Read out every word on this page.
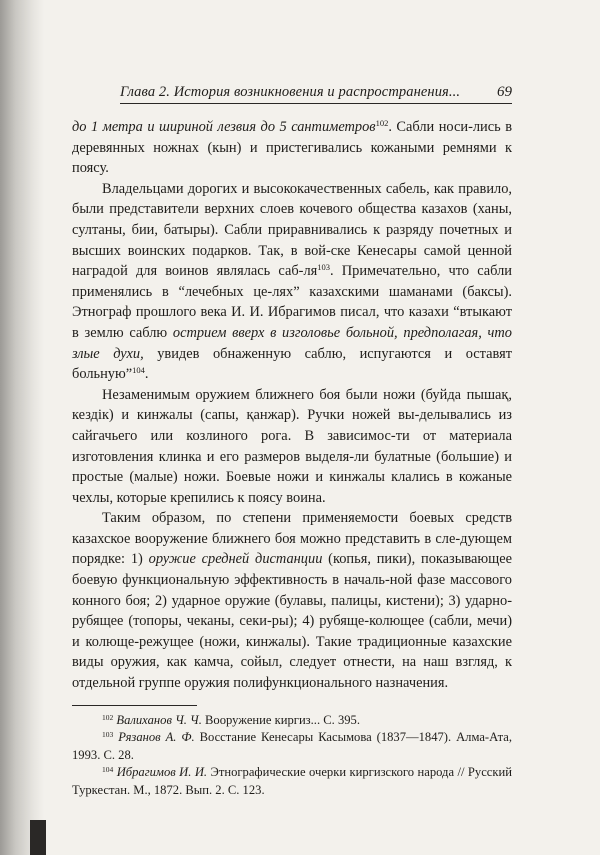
Глава 2. История возникновения и распространения... 69

до 1 метра и шириной лезвия до 5 сантиметров$^{102}$. Сабли носи-лись в деревянных ножнах (кын) и пристегивались кожаными ремнями к поясу.

Владельцами дорогих и высококачественных сабель, как правило, были представители верхних слоев кочевого общества казахов (ханы, султаны, бии, батыры). Сабли приравнивались к разряду почетных и высших воинских подарков. Так, в вой-ске Кенесары самой ценной наградой для воинов являлась саб-$ля^{103}$. Примечательно, что сабли применялись в “лечебных це-лях” казахскими шаманами (баксы). Этнограф прошлого века И. И. Ибрагимов писал, что казахи “втыкают в землю саблю острием вверх в изголовье больной, предполагая, что злые духи, увидев обнаженную саблю, испугаются и оставят больную”$^{104}$.

Незаменимым оружием ближнего боя были ножи (буйда пышақ, кездiк) и кинжалы (сапы, қанжар). Ручки ножей вы-делывались из сайгачьего или козлиного рога. В зависимос-ти от материала изготовления клинка и его размеров выделя-ли булатные (большие) и простые (малые) ножи. Боевые ножи и кинжалы клались в кожаные чехлы, которые крепились к поясу воина.

Таким образом, по степени применяемости боевых средств казахское вооружение ближнего боя можно представить в сле-дующем порядке: 1) оружие средней дистанции (копья, пики), показывающее боевую функциональную эффективность в началь-ной фазе массового конного боя; 2) ударное оружие (булавы, палицы, кистени); 3) ударно-рубящее (топоры, чеканы, секи-ры); 4) рубяще-колющее (сабли, мечи) и колюще-режущее (ножи, кинжалы). Такие традиционные казахские виды оружия, как камча, сойыл, следует отнести, на наш взгляд, к отдельной группе оружия полифункционального назначения.

$^{102}$ Валиханов Ч. Ч. Вооружение киргиз... С. 395.

$^{103}$ Рязанов А. Ф. Восстание Кенесары Касымова (1837—1847). Алма-Ата, 1993. С. 28.

$^{104}$ Ибрагимов И. И. Этнографические очерки киргизского народа // Русский Туркестан. М., 1872. Вып. 2. С. 123.
